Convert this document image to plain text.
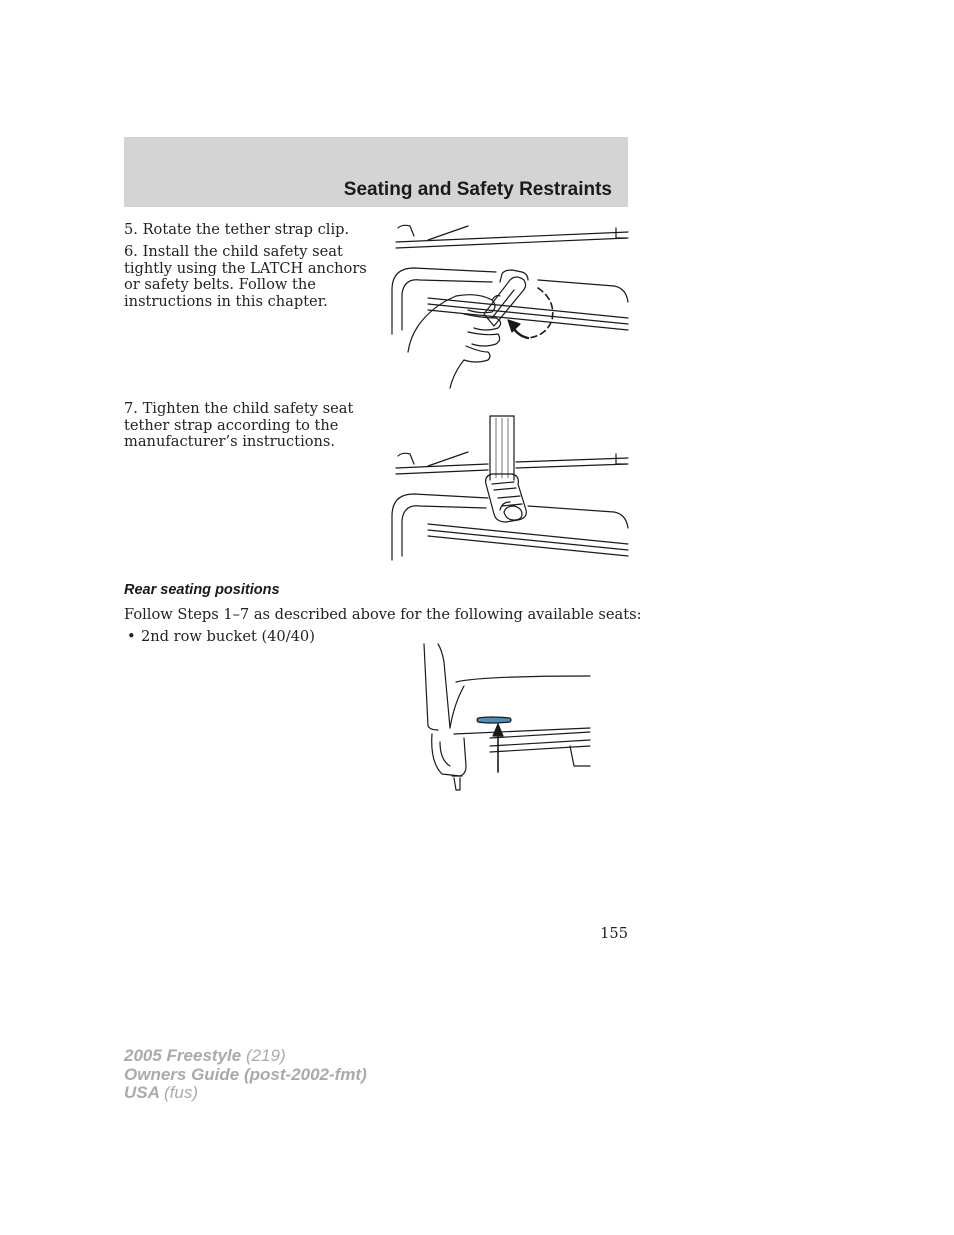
Seating and Safety Restraints

5. Rotate the tether strap clip.

6. Install the child safety seat tightly using the LATCH anchors or safety belts. Follow the instructions in this chapter.

7. Tighten the child safety seat tether strap according to the manufacturer’s instructions.

Rear seating positions

Follow Steps 1–7 as described above for the following available seats:

• 2nd row bucket (40/40)

155

2005 Freestyle (219)
Owners Guide (post-2002-fmt)
USA (fus)
